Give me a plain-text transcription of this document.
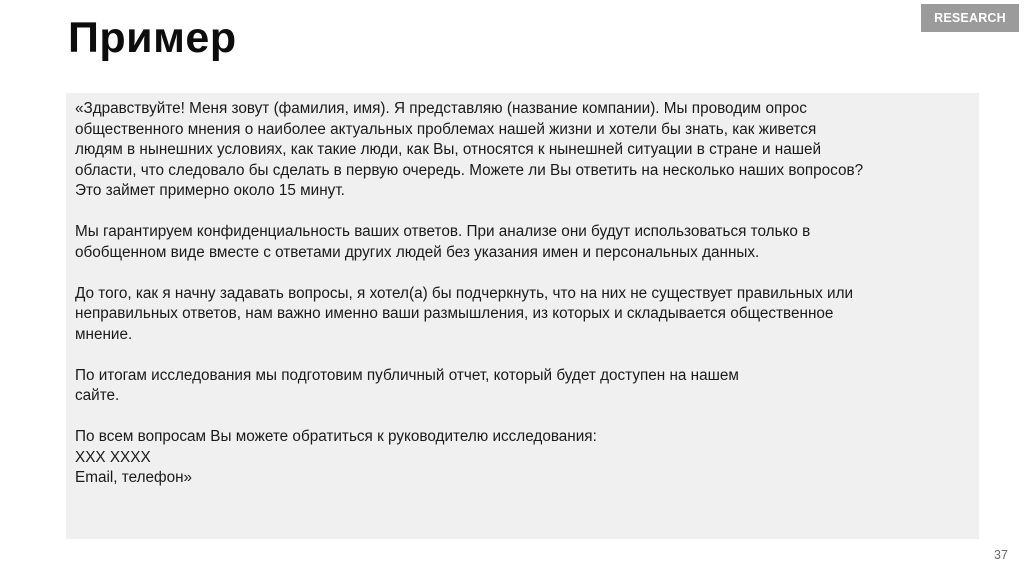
Пример	RESEARCH

«Здравствуйте! Меня зовут (фамилия, имя). Я представляю (название компании). Мы проводим опрос
общественного мнения о наиболее актуальных проблемах нашей жизни и хотели бы знать, как живется
людям в нынешних условиях, как такие люди, как Вы, относятся к нынешней ситуации в стране и нашей
области, что следовало бы сделать в первую очередь. Можете ли Вы ответить на несколько наших вопросов?
Это займет примерно около 15 минут.

Мы гарантируем конфиденциальность ваших ответов. При анализе они будут использоваться только в
обобщенном виде вместе с ответами других людей без указания имен и персональных данных.

До того, как я начну задавать вопросы, я хотел(а) бы подчеркнуть, что на них не существует правильных или
неправильных ответов, нам важно именно ваши размышления, из которых и складывается общественное
мнение.

По итогам исследования мы подготовим публичный отчет, который будет доступен на нашем
сайте.

По всем вопросам Вы можете обратиться к руководителю исследования:
XXX XXXX
Email, телефон»

37
